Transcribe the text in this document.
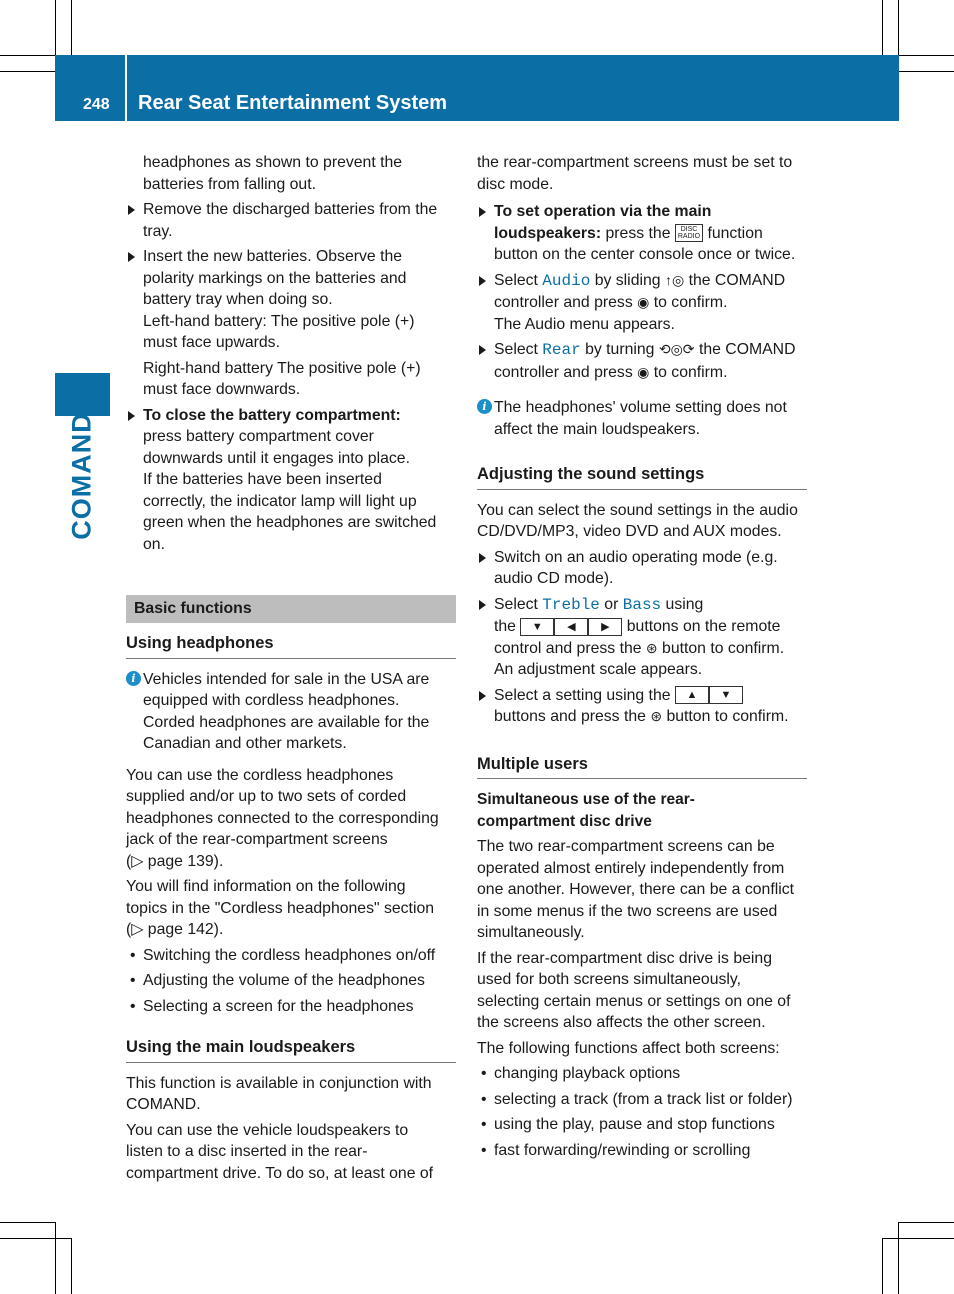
248 Rear Seat Entertainment System
COMAND

headphones as shown to prevent the
batteries from falling out.

Remove the discharged batteries from the
tray.
Insert the new batteries. Observe the
polarity markings on the batteries and
battery tray when doing so.
Left-hand battery: The positive pole (+)
must face upwards.

Right-hand battery The positive pole (+)
must face downwards.

To close the battery compartment:
press battery compartment cover
downwards until it engages into place.
If the batteries have been inserted
correctly, the indicator lamp will light up
green when the headphones are switched
on.
Basic functions
Using headphones
i Vehicles intended for sale in the USA are
equipped with cordless headphones.
Corded headphones are available for the
Canadian and other markets.

You can use the cordless headphones
supplied and/or up to two sets of corded
headphones connected to the corresponding
jack of the rear-compartment screens
(▷ page 139).

You will find information on the following
topics in the "Cordless headphones" section
(▷ page 142).

• Switching the cordless headphones on/off
• Adjusting the volume of the headphones
• Selecting a screen for the headphones
Using the main loudspeakers

This function is available in conjunction with
COMAND.

You can use the vehicle loudspeakers to
listen to a disc inserted in the rear-
compartment drive. To do so, at least one of

the rear-compartment screens must be set to
disc mode.

To set operation via the main
loudspeakers: press the	DISC
RADIO function
button on the center console once or twice.
Select Audio by sliding ↑◎ the COMAND
controller and press ◉ to confirm.
The Audio menu appears.
Select Rear by turning ⟲◎⟳ the COMAND
controller and press ◉ to confirm.
i The headphones' volume setting does not
affect the main loudspeakers.
Adjusting the sound settings

You can select the sound settings in the audio
CD/DVD/MP3, video DVD and AUX modes.

Switch on an audio operating mode (e.g.
audio CD mode).
Select Treble or Bass using
the ▼ ◀ ▶ buttons on the remote
control and press the ⊛ button to confirm.
An adjustment scale appears.
Select a setting using the ▲ ▼
buttons and press the ⊛ button to confirm.
Multiple users
Simultaneous use of the rear-
compartment disc drive

The two rear-compartment screens can be
operated almost entirely independently from
one another. However, there can be a conflict
in some menus if the two screens are used
simultaneously.

If the rear-compartment disc drive is being
used for both screens simultaneously,
selecting certain menus or settings on one of
the screens also affects the other screen.

The following functions affect both screens:

• changing playback options
• selecting a track (from a track list or folder)
• using the play, pause and stop functions
• fast forwarding/rewinding or scrolling
